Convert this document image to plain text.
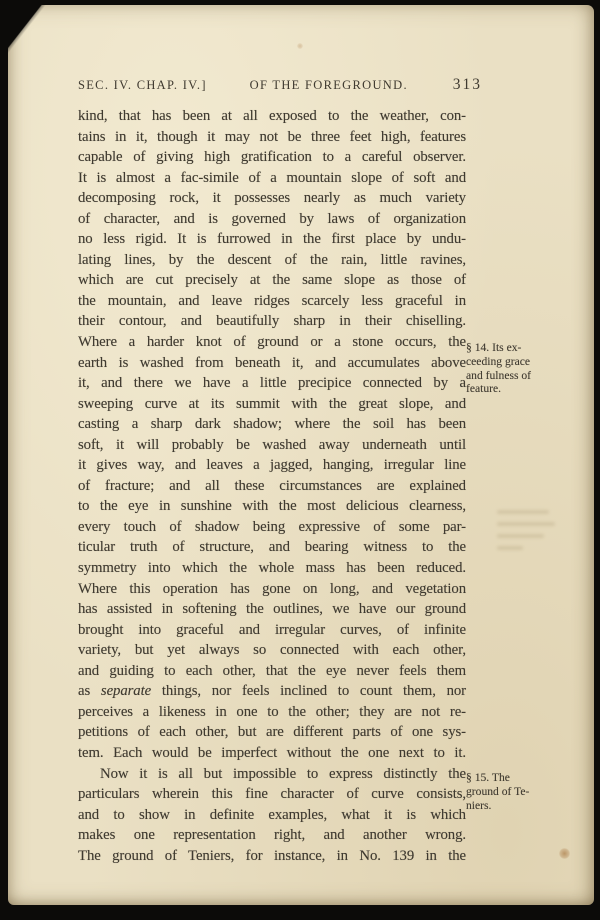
SEC. IV. CHAP. IV.]	OF THE FOREGROUND.	313
kind, that has been at all exposed to the weather, con-
tains in it, though it may not be three feet high, features
capable of giving high gratification to a careful observer.
It is almost a fac-simile of a mountain slope of soft and
decomposing rock, it possesses nearly as much variety
of character, and is governed by laws of organization
no less rigid. It is furrowed in the first place by undu-
lating lines, by the descent of the rain, little ravines,
which are cut precisely at the same slope as those of
the mountain, and leave ridges scarcely less graceful in
their contour, and beautifully sharp in their chiselling.
Where a harder knot of ground or a stone occurs, the
earth is washed from beneath it, and accumulates above
it, and there we have a little precipice connected by a
sweeping curve at its summit with the great slope, and
casting a sharp dark shadow; where the soil has been
soft, it will probably be washed away underneath until
it gives way, and leaves a jagged, hanging, irregular line
of fracture; and all these circumstances are explained
to the eye in sunshine with the most delicious clearness,
every touch of shadow being expressive of some par-
ticular truth of structure, and bearing witness to the
symmetry into which the whole mass has been reduced.
Where this operation has gone on long, and vegetation
has assisted in softening the outlines, we have our ground
brought into graceful and irregular curves, of infinite
variety, but yet always so connected with each other,
and guiding to each other, that the eye never feels them
as separate things, nor feels inclined to count them, nor
perceives a likeness in one to the other; they are not re-
petitions of each other, but are different parts of one sys-
tem. Each would be imperfect without the one next to it.
Now it is all but impossible to express distinctly the
particulars wherein this fine character of curve consists,
and to show in definite examples, what it is which
makes one representation right, and another wrong.
The ground of Teniers, for instance, in No. 139 in the
§ 14. Its ex-
ceeding grace
and fulness of
feature.
§ 15. The
ground of Te-
niers.
